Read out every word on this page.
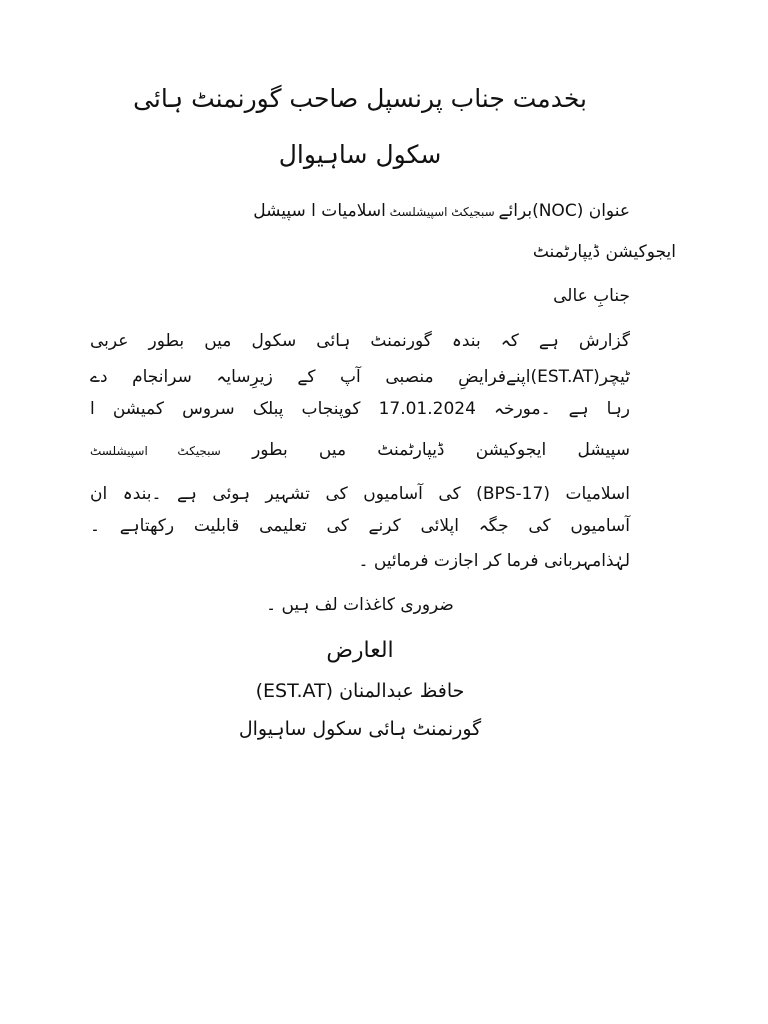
بخدمت جناب پرنسپل صاحب گورنمنٹ ہائی
سکول ساہیوال
عنوان (NOC)برائے سبجیکٹ اسپیشلسٹ اسلامیات ا سپیشل
ایجوکیشن ڈیپارٹمنٹ
جنابِ عالی
گزارش ہے کہ بندہ گورنمنٹ ہائی سکول میں بطور عربی
ٹیچر(EST.AT)اپنےفرایضِ منصبی آپ کے زیرِسایہ سرانجام دے
رہا ہے ۔مورخہ 17.01.2024 کوپنجاب پبلک سروس کمیشن ا
سپیشل ایجوکیشن ڈیپارٹمنٹ میں بطور سبجیکٹ اسپیشلسٹ
اسلامیات (BPS-17) کی آسامیوں کی تشہیر ہوئی ہے ۔بندہ ان
آسامیوں کی جگہ اپلائی کرنے کی تعلیمی قابلیت رکھتاہے ۔
لہٰذامہربانی فرما کر اجازت فرمائیں ۔
ضروری کاغذات لف ہیں ۔
العارض
حافظ عبدالمنان (EST.AT)
گورنمنٹ ہائی سکول ساہیوال
